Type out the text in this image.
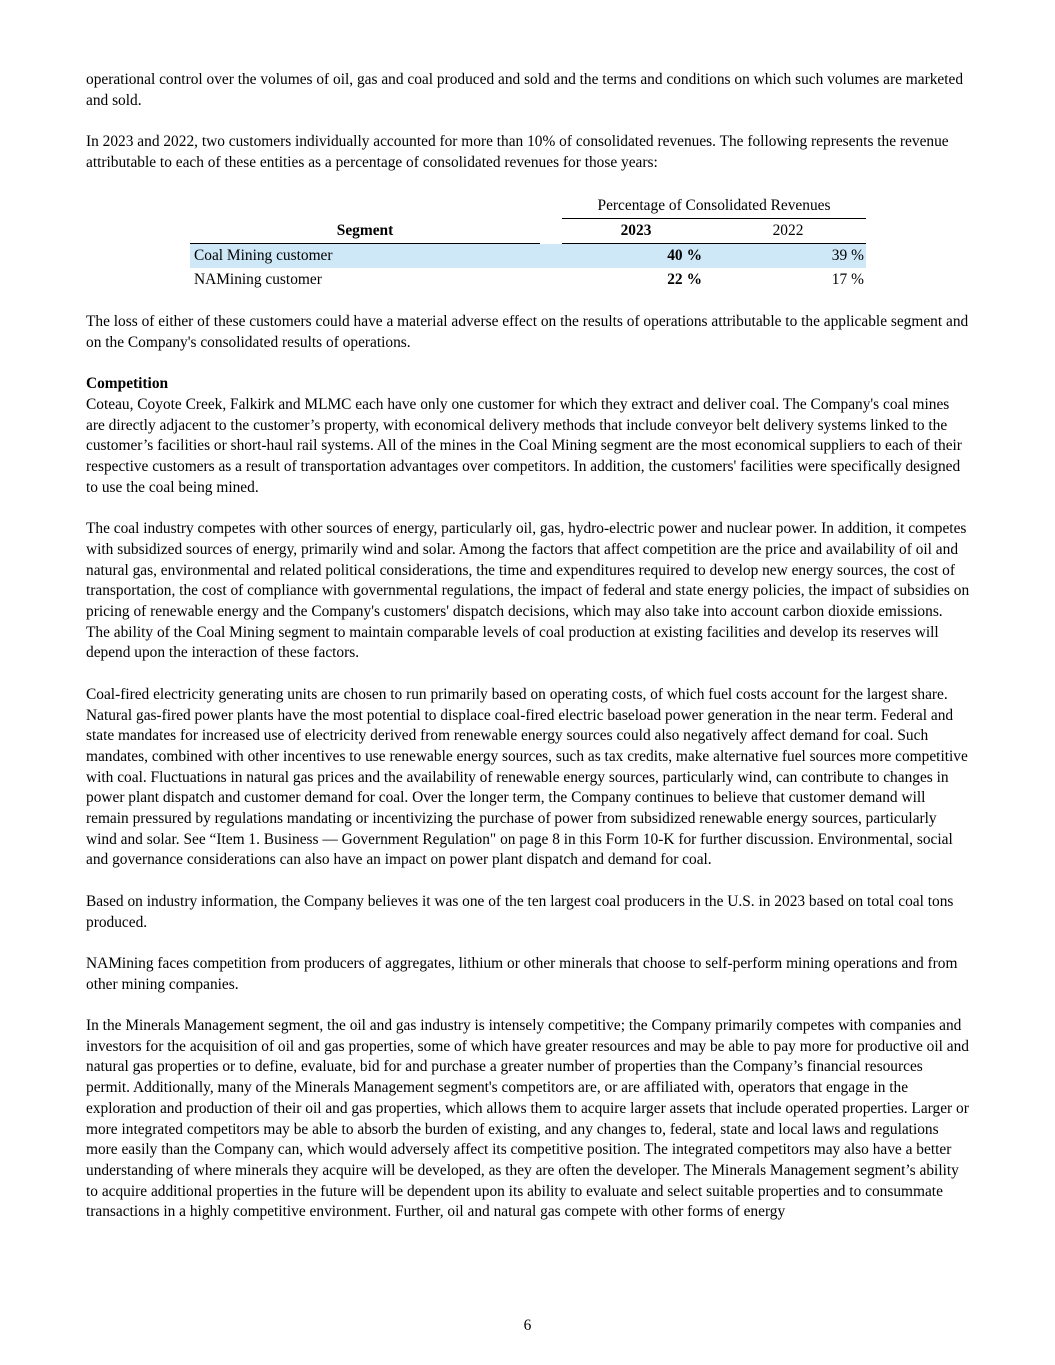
operational control over the volumes of oil, gas and coal produced and sold and the terms and conditions on which such volumes are marketed and sold.

In 2023 and 2022, two customers individually accounted for more than 10% of consolidated revenues. The following represents the revenue attributable to each of these entities as a percentage of consolidated revenues for those years:

		Percentage of Consolidated Revenues	
Segment		2023	2022
Coal Mining customer		40 %	39 %
NAMining customer		22 %	17 %

The loss of either of these customers could have a material adverse effect on the results of operations attributable to the applicable segment and on the Company's consolidated results of operations.

Competition

Coteau, Coyote Creek, Falkirk and MLMC each have only one customer for which they extract and deliver coal. The Company's coal mines are directly adjacent to the customer’s property, with economical delivery methods that include conveyor belt delivery systems linked to the customer’s facilities or short-haul rail systems. All of the mines in the Coal Mining segment are the most economical suppliers to each of their respective customers as a result of transportation advantages over competitors. In addition, the customers' facilities were specifically designed to use the coal being mined.

The coal industry competes with other sources of energy, particularly oil, gas, hydro-electric power and nuclear power. In addition, it competes with subsidized sources of energy, primarily wind and solar. Among the factors that affect competition are the price and availability of oil and natural gas, environmental and related political considerations, the time and expenditures required to develop new energy sources, the cost of transportation, the cost of compliance with governmental regulations, the impact of federal and state energy policies, the impact of subsidies on pricing of renewable energy and the Company's customers' dispatch decisions, which may also take into account carbon dioxide emissions. The ability of the Coal Mining segment to maintain comparable levels of coal production at existing facilities and develop its reserves will depend upon the interaction of these factors.

Coal-fired electricity generating units are chosen to run primarily based on operating costs, of which fuel costs account for the largest share. Natural gas-fired power plants have the most potential to displace coal-fired electric baseload power generation in the near term. Federal and state mandates for increased use of electricity derived from renewable energy sources could also negatively affect demand for coal. Such mandates, combined with other incentives to use renewable energy sources, such as tax credits, make alternative fuel sources more competitive with coal. Fluctuations in natural gas prices and the availability of renewable energy sources, particularly wind, can contribute to changes in power plant dispatch and customer demand for coal. Over the longer term, the Company continues to believe that customer demand will remain pressured by regulations mandating or incentivizing the purchase of power from subsidized renewable energy sources, particularly wind and solar. See “Item 1. Business — Government Regulation" on page 8 in this Form 10-K for further discussion. Environmental, social and governance considerations can also have an impact on power plant dispatch and demand for coal.

Based on industry information, the Company believes it was one of the ten largest coal producers in the U.S. in 2023 based on total coal tons produced.

NAMining faces competition from producers of aggregates, lithium or other minerals that choose to self-perform mining operations and from other mining companies.

In the Minerals Management segment, the oil and gas industry is intensely competitive; the Company primarily competes with companies and investors for the acquisition of oil and gas properties, some of which have greater resources and may be able to pay more for productive oil and natural gas properties or to define, evaluate, bid for and purchase a greater number of properties than the Company’s financial resources permit. Additionally, many of the Minerals Management segment's competitors are, or are affiliated with, operators that engage in the exploration and production of their oil and gas properties, which allows them to acquire larger assets that include operated properties. Larger or more integrated competitors may be able to absorb the burden of existing, and any changes to, federal, state and local laws and regulations more easily than the Company can, which would adversely affect its competitive position. The integrated competitors may also have a better understanding of where minerals they acquire will be developed, as they are often the developer. The Minerals Management segment’s ability to acquire additional properties in the future will be dependent upon its ability to evaluate and select suitable properties and to consummate transactions in a highly competitive environment. Further, oil and natural gas compete with other forms of energy

6
